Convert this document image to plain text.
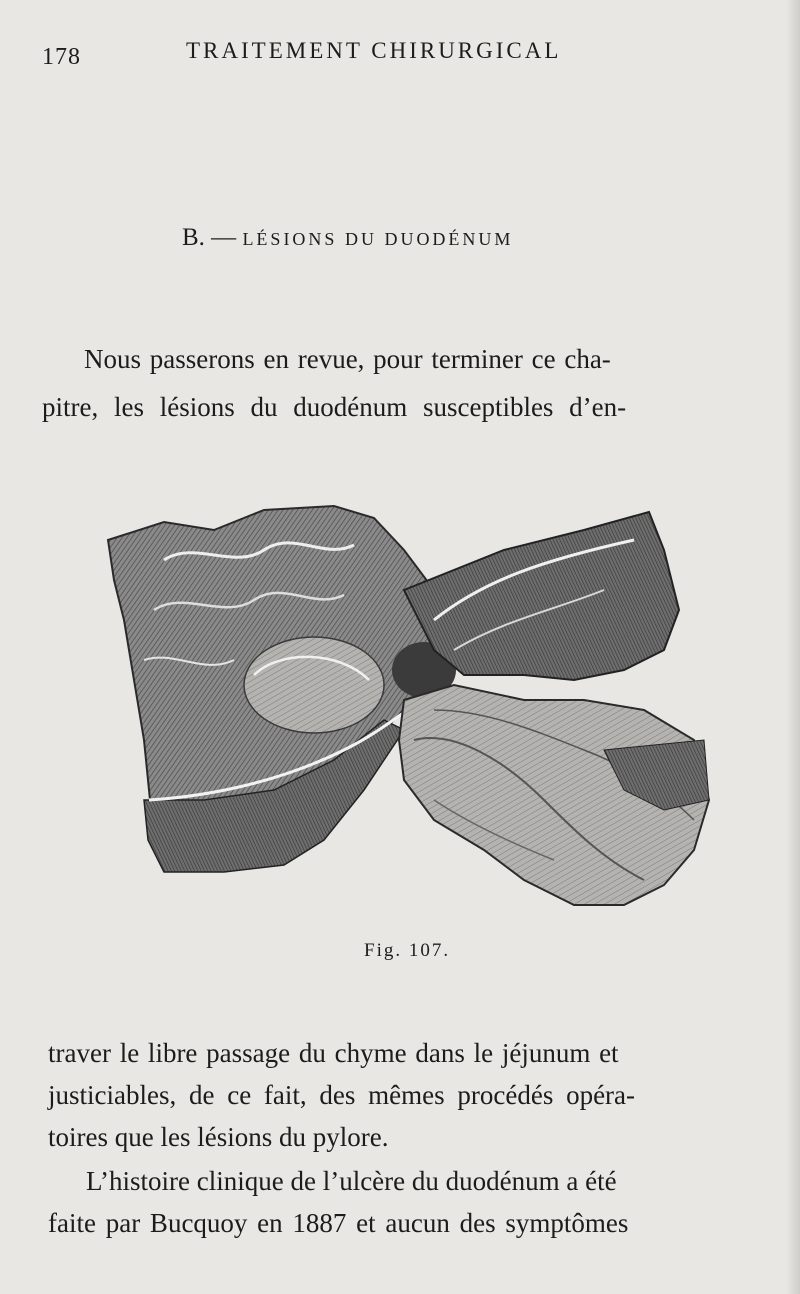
178	TRAITEMENT CHIRURGICAL
B. — LÉSIONS DU DUODÉNUM
Nous passerons en revue, pour terminer ce cha-
pitre, les lésions du duodénum susceptibles d’en-
Fig. 107.
traver le libre passage du chyme dans le jéjunum et
justiciables, de ce fait, des mêmes procédés opéra-
toires que les lésions du pylore.
L’histoire clinique de l’ulcère du duodénum a été
faite par Bucquoy en 1887 et aucun des symptômes
